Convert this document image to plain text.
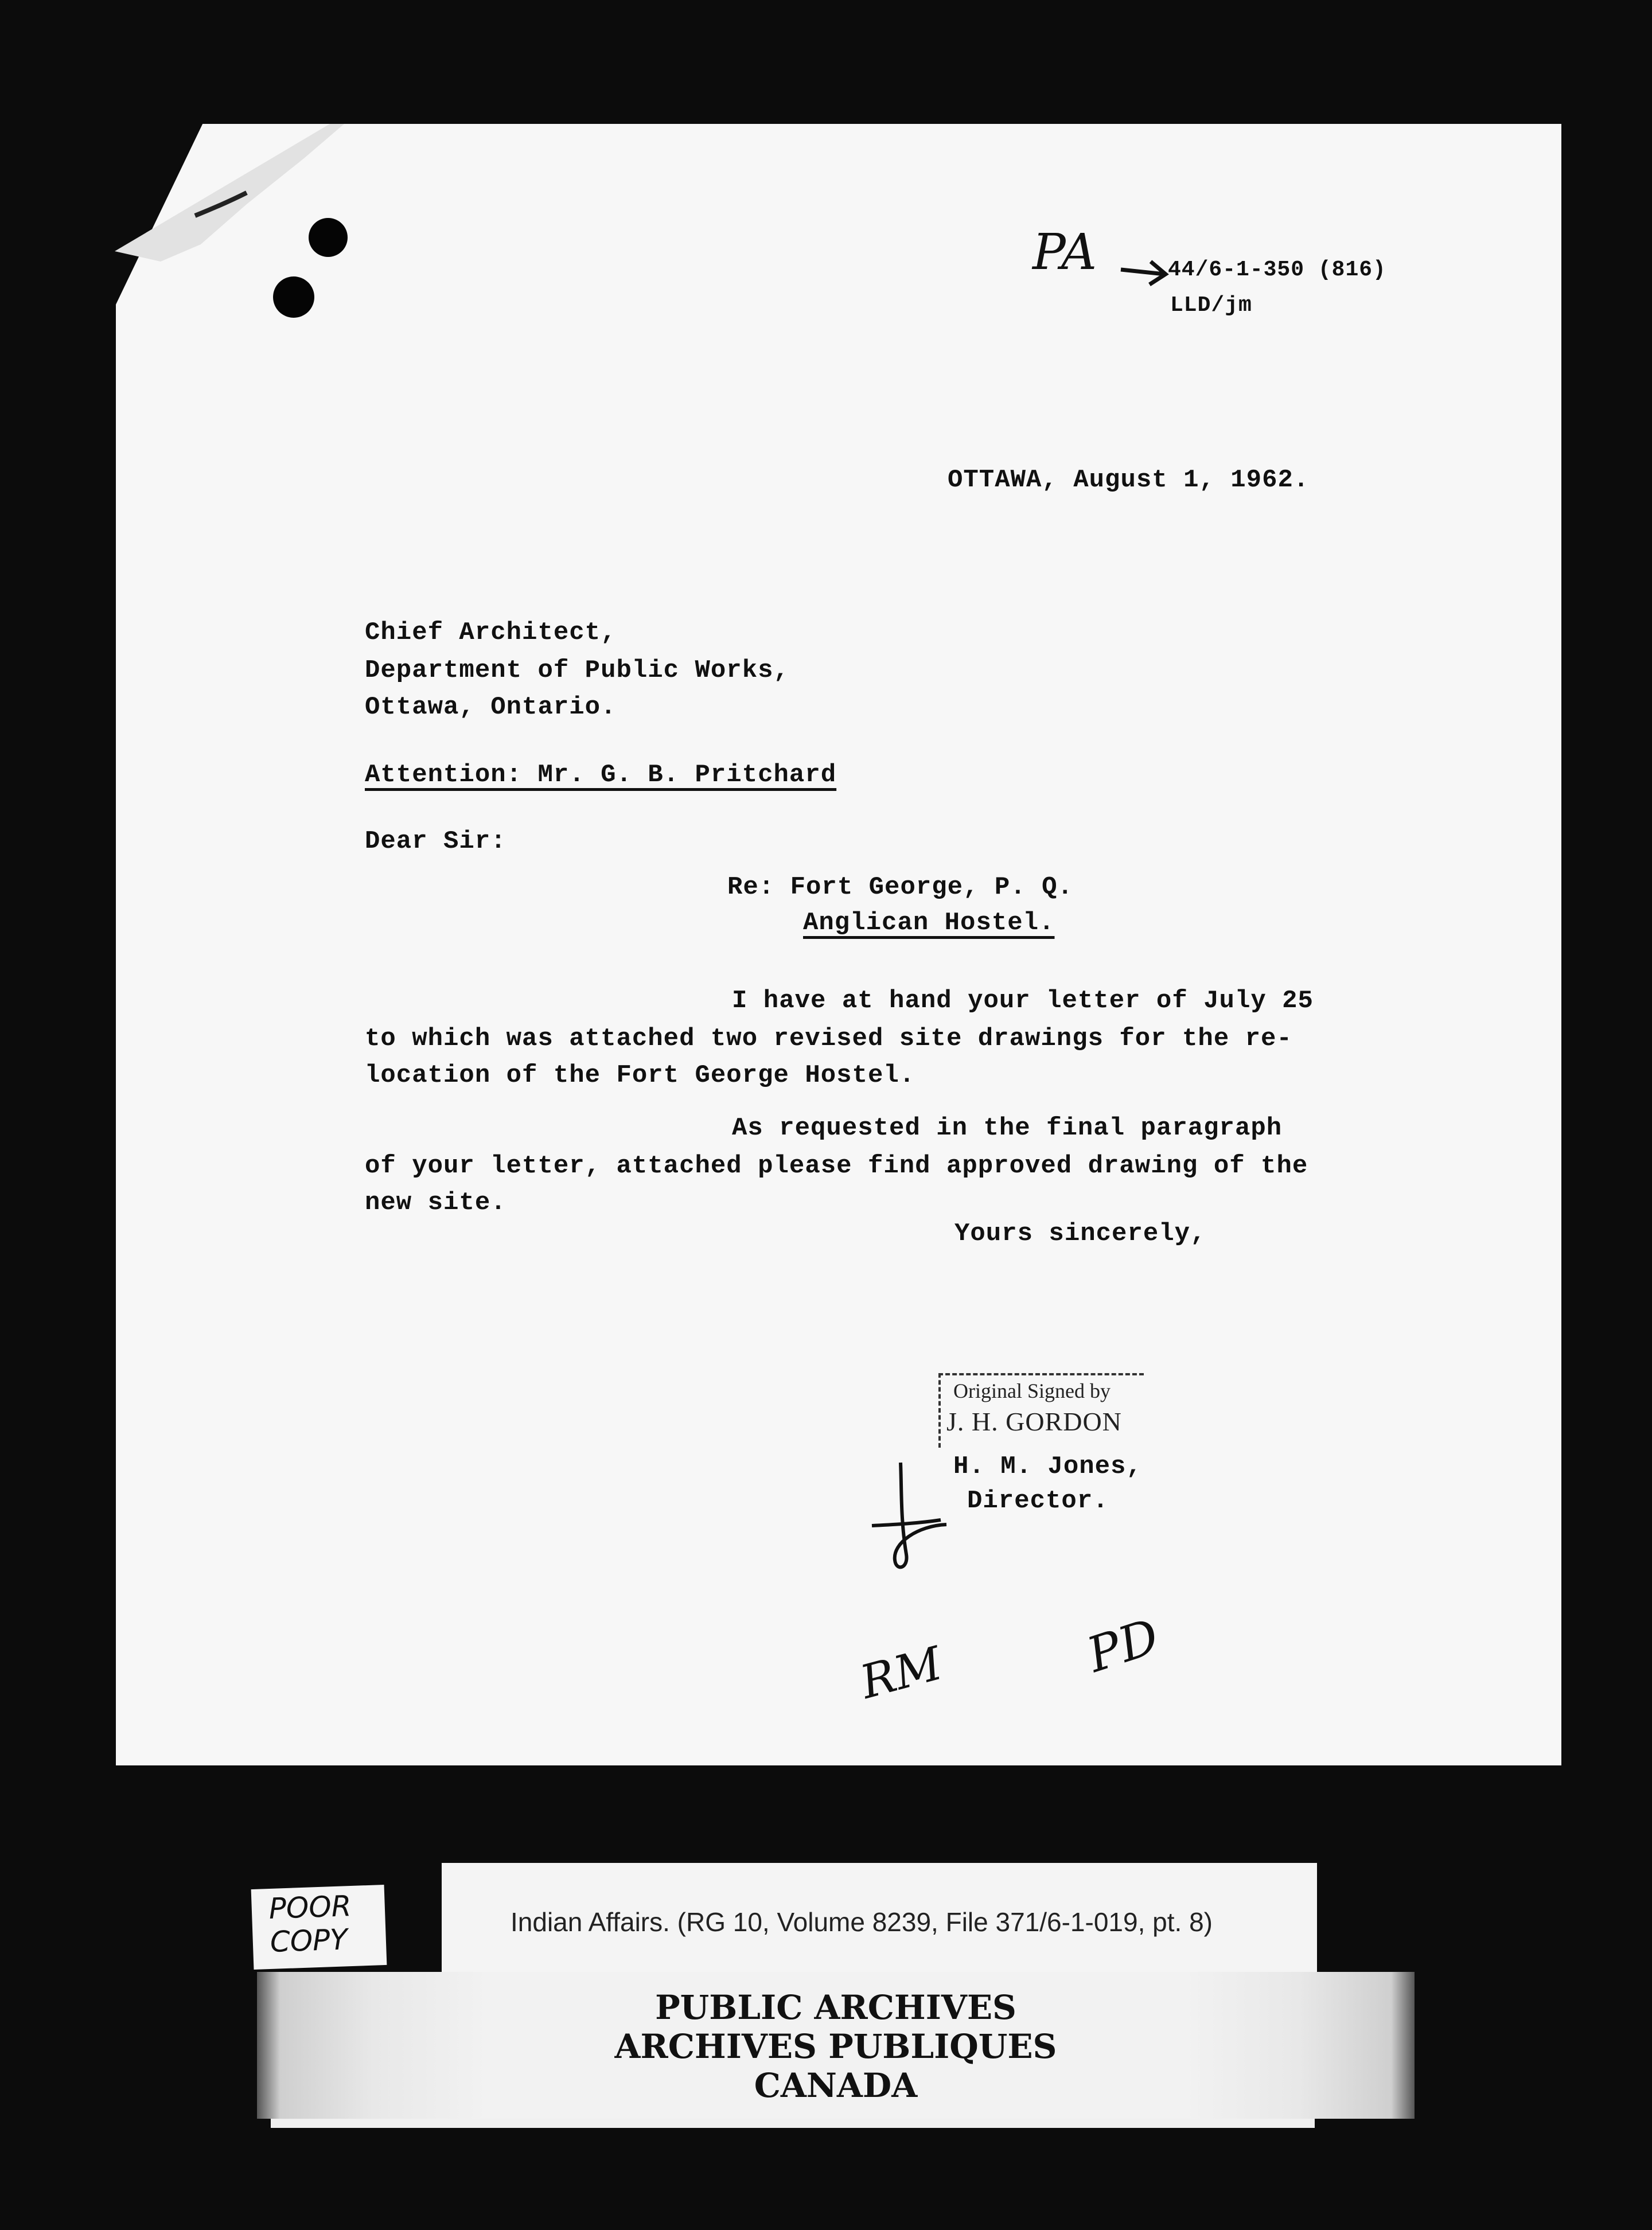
PA	44/6-1-350 (816)
LLD/jm
OTTAWA, August 1, 1962.
Chief Architect,
Department of Public Works,
Ottawa, Ontario.
Attention: Mr. G. B. Pritchard
Dear Sir:
Re: Fort George, P. Q.
Anglican Hostel.
I have at hand your letter of July 25
to which was attached two revised site drawings for the re-
location of the Fort George Hostel.
As requested in the final paragraph
of your letter, attached please find approved drawing of the
new site.
Yours sincerely,
Original Signed by
J. H. GORDON
H. M. Jones,
Director.
RM	PD
POOR
COPY
Indian Affairs. (RG 10, Volume 8239, File 371/6-1-019, pt. 8)
PUBLIC ARCHIVES
ARCHIVES PUBLIQUES
CANADA
